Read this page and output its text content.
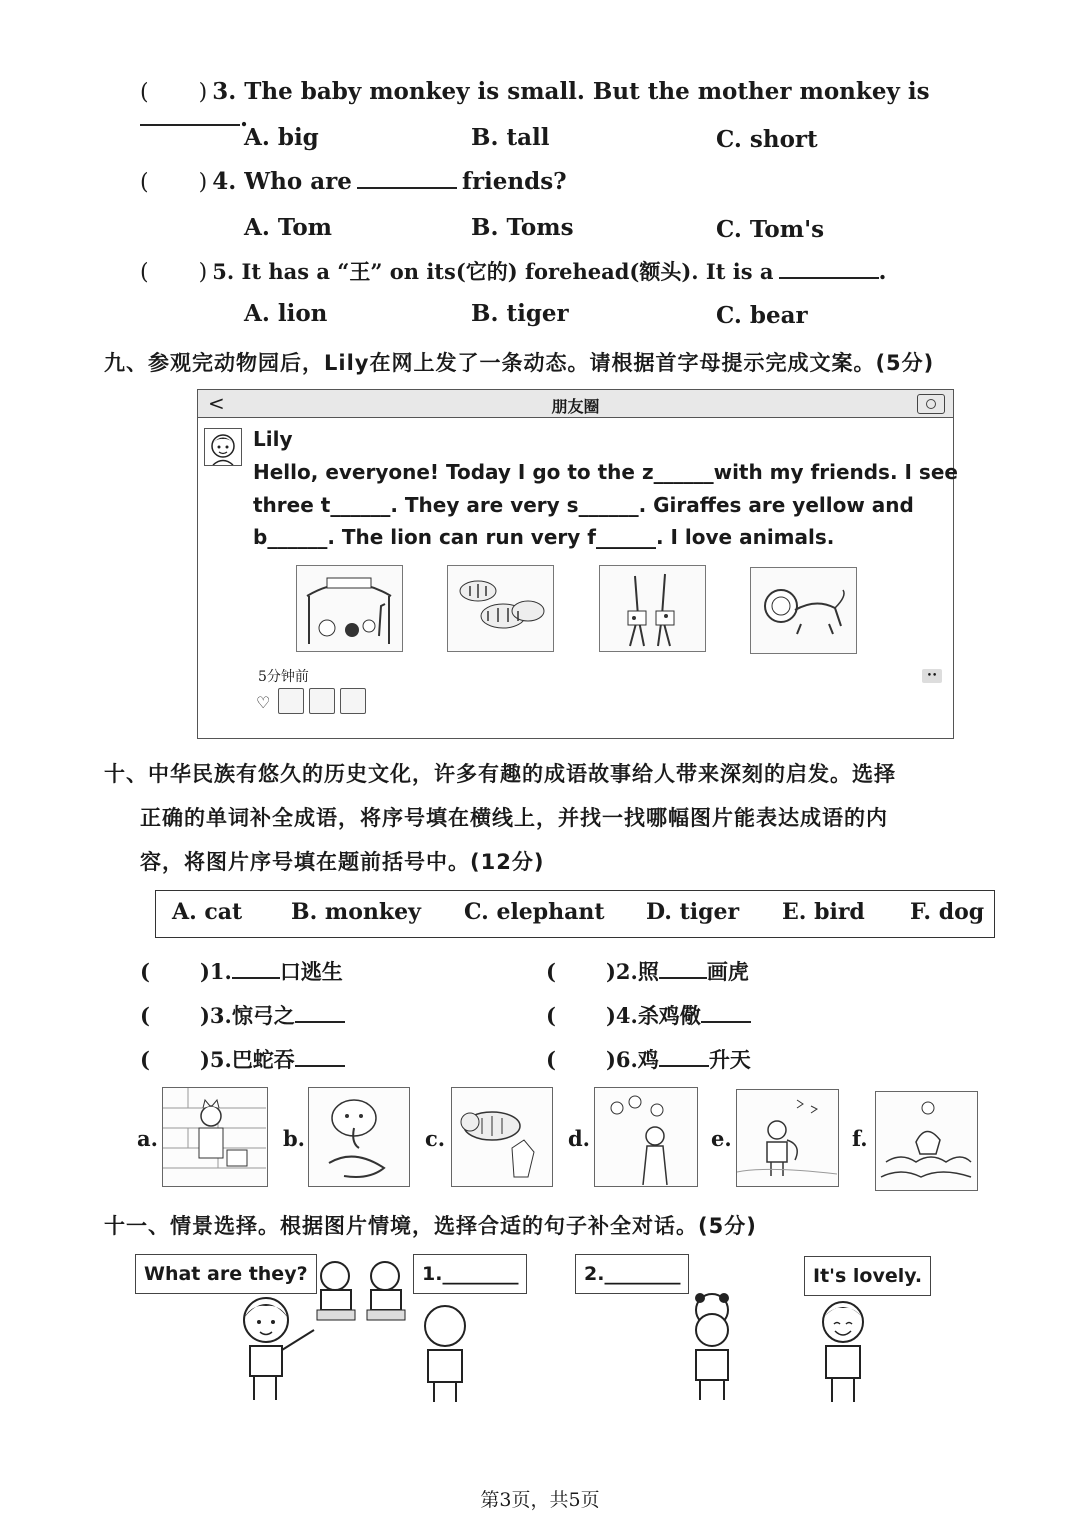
( ) 3. The baby monkey is small. But the mother monkey is .
A. big	B. tall	C. short
( ) 4. Who are	friends?
A. Tom	B. Toms	C. Tom's
( ) 5. It has a “王” on its(它的) forehead(额头). It is a	.
A. lion	B. tiger	C. bear
九、参观完动物园后，Lily在网上发了一条动态。请根据首字母提示完成文案。(5分)
<	朋友圈
Lily
Hello, everyone! Today I go to the z______with my friends. I see
three t______. They are very s______. Giraffes are yellow and
b______. The lion can run very f______. I love animals.
5分钟前	••
♡
十、中华民族有悠久的历史文化，许多有趣的成语故事给人带来深刻的启发。选择
正确的单词补全成语，将序号填在横线上，并找一找哪幅图片能表达成语的内
容，将图片序号填在题前括号中。(12分)
A. cat B. monkey C. elephant D. tiger E. bird F. dog
( )1. 口逃生	( )2.照 画虎
( )3.惊弓之	( )4.杀鸡儆
( )5.巴蛇吞	( )6.鸡 升天
a.	b.	c.	d.	e.	f.
十一、情景选择。根据图片情境，选择合适的句子补全对话。(5分)
What are they?	1.________	2.________	It's lovely.
第3页，共5页
